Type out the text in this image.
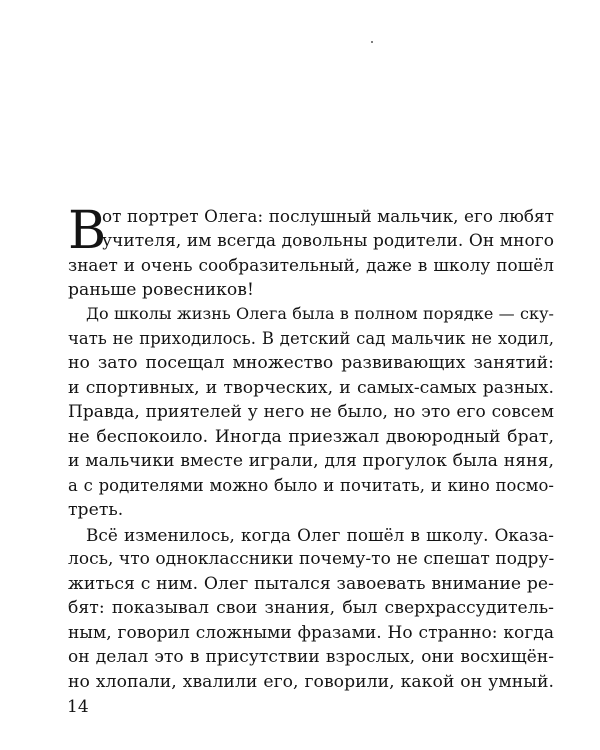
В
от портрет Олега: послушный мальчик, его любят
учителя, им всегда довольны родители. Он много
знает и очень сообразительный, даже в школу пошёл
раньше ровесников!
До школы жизнь Олега была в полном порядке — ску-
чать не приходилось. В детский сад мальчик не ходил,
но зато посещал множество развивающих занятий:
и спортивных, и творческих, и самых-самых разных.
Правда, приятелей у него не было, но это его совсем
не беспокоило. Иногда приезжал двоюродный брат,
и мальчики вместе играли, для прогулок была няня,
а с родителями можно было и почитать, и кино посмо-
треть.
Всё изменилось, когда Олег пошёл в школу. Оказа-
лось, что одноклассники почему-то не спешат подру-
житься с ним. Олег пытался завоевать внимание ре-
бят: показывал свои знания, был сверхрассудитель-
ным, говорил сложными фразами. Но странно: когда
он делал это в присутствии взрослых, они восхищён-
но хлопали, хвалили его, говорили, какой он умный.
14
